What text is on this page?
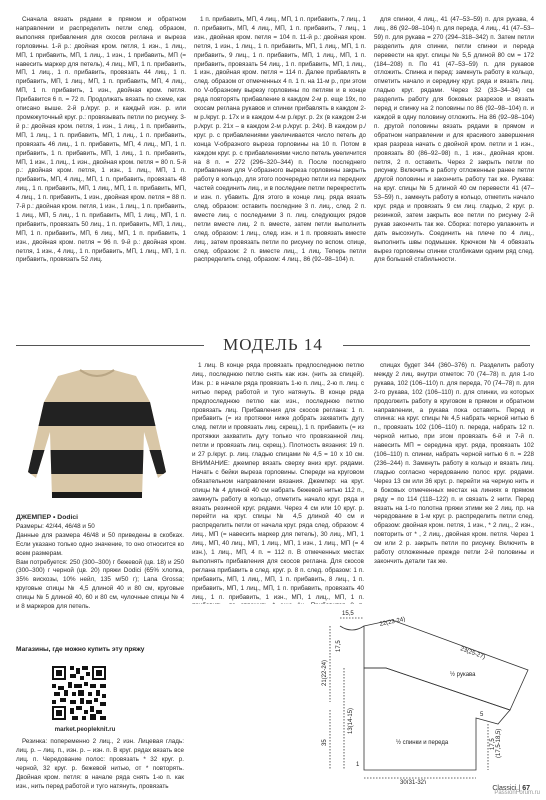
Сначала вязать рядами в прямом и обратном направлении и распределить петли след. образом, выполняя прибавления для скосов реглана и выреза горловины. 1-й р.: двойная кром. петля, 1 изн., 1 лиц., МП, 1 прибавить, МП, 1 лиц., 1 изн., 1 прибавить, МП (= навесить маркер для петель), 4 лиц., МП, 1 п. прибавить, МП, 1 лиц., 1 п. прибавить, провязать 44 лиц., 1 п. прибавить, МП, 1 лиц., МП, 1 п. прибавить, МП, 4 лиц., МП, 1 п. прибавить, 1 изн., двойная кром. петля. Прибавится 6 п. = 72 п. Продолжать вязать по схеме, как описано выше. 2-й р./круг. р. и каждый изн. р. или промежуточный круг. р.: провязывать петли по рисунку. 3-й р.: двойная кром. петля, 1 изн., 1 лиц., 1 п. прибавить, МП, 1 лиц., 1 п. прибавить, МП, 1 лиц., 1 п. прибавить, провязать 46 лиц., 1 п. прибавить, МП, 4 лиц., МП, 1 п. прибавить, 1 п. прибавить, МП, 1 лиц., 1 п. прибавить, МП, 1 изн., 1 лиц., 1 изн., двойная кром. петля = 80 п. 5-й р.: двойная кром. петля, 1 изн., 1 лиц., МП, 1 п. прибавить, МП, 4 лиц., МП, 1 п. прибавить, провязать 48 лиц., 1 п. прибавить, МП, 1 лиц., МП, 1 п. прибавить, МП, 4 лиц., 1 п. прибавить, 1 изн., двойная кром. петля = 88 п. 7-й р.: двойная кром. петля, 1 изн., 1 лиц., 1 п. прибавить, 1 лиц., МП, 5 лиц., 1 п. прибавить, МП, 1 лиц., МП, 1 п. прибавить, провязать 50 лиц., 1 п. прибавить, МП, 1 лиц., МП, 1 п. прибавить, МП, 6 лиц., МП, 1 п. прибавить, 1 изн., двойная кром. петля = 96 п. 9-й р.: двойная кром. петля, 1 изн., 4 лиц., 1 п. прибавить, МП, 1 лиц., МП, 1 п. прибавить, провязать 52 лиц.

1 п. прибавить, МП, 4 лиц., МП, 1 п. прибавить, 7 лиц., 1 п. прибавить, МП, 4 лиц., МП, 1 п. прибавить, 7 лиц., 1 изн., двойная кром. петля = 104 п. 11-й р.: двойная кром. петля, 1 изн., 1 лиц., 1 п. прибавить, МП, 1 лиц., МП, 1 п. прибавить, 9 лиц., 1 п. прибавить, МП, 1 лиц., МП, 1 п. прибавить, провязать 54 лиц., 1 п. прибавить, МП, 1 лиц., 1 изн., двойная кром. петля = 114 п. Далее прибавлять в след. образом от отмеченных 4 п. 1 п. на 11-м р., при этом по V-образному вырезу горловины по петлям и в конце ряда повторять прибавление в каждом 2-м р. еще 19х, по скосам реглана рукавов и спинки прибавлять в каждом 2-м р./круг. р. 17х и в каждом 4-м р./круг. р. 2х (в каждом 2-м р./круг. р. 21х – в каждом 2-м р./круг. р. 24х). В каждом р./круг. р. с прибавлениями увеличивается число петель до конца V-образного выреза горловины на 10 п. Потом в каждом круг. р. с прибавлениями число петель увеличится на 8 п. = 272 (296–320–344) п. После последнего прибавления для V-образного выреза горловины закрыть работу в кольцо, для этого поочередно петли из передних частей соединить лиц., и в последние петли перекрестить и изн. п. убавить. Для этого в конце лиц. ряда вязать след. образом: оставить последние 3 п. лиц., след. 2 п. вместе лиц. с последними 3 п. лиц. следующих рядов петли вместе лиц. 2 п. вместе, затем петли выполнить след. образом: 1 лиц., след. изн. и 1 п. провязать вместе лиц., затем провязать петли по рисунку по вспом. спице, след. образом: 2 п. вместе лиц., 1 лиц. Теперь петли распределить след. образом: 4 лиц., 86 (92–98–104) п.

для спинки, 4 лиц., 41 (47–53–59) п. для рукава, 4 лиц., 86 (92–98–104) п. для переда, 4 лиц., 41 (47–53–59) п. для рукава = 270 (294–318–342) п. Затем петли разделить для спинки, петли спинки и переда перевести на круг. спицы № 5,5 длиной 80 см = 172 (184–208) п. По 41 (47–53–59) п. для рукавов отложить. Спинка и перед: замкнуть работу в кольцо, отметить начало и середину круг. ряда и вязать лиц. гладью круг. рядами. Через 32 (33–34–34) см разделить работу для боковых разрезов и вязать перед и спинку на 2 половины по 86 (92–98–104) п. и каждой в одну половину отложить. На 86 (92–98–104) п. другой половины вязать рядами в прямом и обратном направлении и для красивого завершения края разреза начать с двойной кром. петли и 1 изн., провязать 80 (86–92–98) п., 1 изн., двойная кром. петля, 2 п. оставить. Через 2 закрыть петли по рисунку. Включить в работу отложенные ранее петли другой половины и закончить работу так же. Рукава: на круг. спицы № 5 длиной 40 см перевести 41 (47–53–59) п., замкнуть работу в кольцо, отметить начало круг. ряда и провязать 9 см лиц. гладью, 2 круг. р. резинкой, затем закрыть все петли по рисунку 2-й рукав закончить так же. Сборка: потерю увлажнить и дать высохнуть. Соединить на плече по 4 лиц., выполнить швы подмышек. Крючком № 4 обвязать вырез горловины спинки столбиками одним ряд след. для большей стабильности.

МОДЕЛЬ 14
ДЖЕМПЕР • Dodici
Размеры: 42/44, 46/48 и 50
Данные для размера 46/48 и 50 приведены в скобках. Если указано только одно значение, то оно относится ко всем размерам.
Вам потребуется: 250 (300–300) г бежевой (цв. 18) и 250 (300–300) г черной (цв. 20) пряжи Dodici (65% хлопка, 35% вискозы, 10% нейл, 135 м/50 г); Lana Grossa; круговые спицы № 4,5 длиной 40 и 80 см, круговые спицы № 5 длиной 40, 60 и 80 см, чулочные спицы № 4 и 8 маркеров для петель.
Магазины, где можно купить эту пряжу
market.peopleknit.ru

Резинка: попеременно 2 лиц., 2 изн. Лицевая гладь: лиц. р. – лиц. п., изн. р. – изн. п. В круг. рядах вязать все лиц. п. Чередование полос: провязать * 32 круг. р. черной, 32 круг. р. бежевой нитью, от * повторять. Двойная кром. петля: в начале ряда снять 1-ю п. как изн., нить перед работой и туго натянуть, провязать

1 лиц. В конце ряда провязать предпоследнюю петлю лиц., последнюю петлю снять как изн. (нить за спицей). Изн. р.: в начале ряда провязать 1-ю п. лиц., 2-ю п. лиц. с нитью перед работой и туго натянуть. В конце ряда предпоследнюю петлю как изн., последнюю петлю провязать лиц. Прибавления для скосов реглана: 1 п. прибавить (= из протяжки ниже добрать захватить дугу след. петли и провязать лиц. скрещ.), 1 п. прибавить (= из протяжки захватить дугу только что провязанной лиц. петли и провязать лиц. скрещ.). Плотность вязания: 19 п. и 27 р./круг. р. лиц. гладью спицами № 4,5 = 10 х 10 см. ВНИМАНИЕ: джемпер вязать сверху вниз круг. рядами. Начать с бейки выреза горловины. Спереди на круговом обязательном направлении вязания. Джемпер: на круг. спицы № 4 длиной 40 см набрать бежевой нитью 112 п., замкнуть работу в кольцо, отметить начало круг. ряда и вязать резинкой круг. рядами. Через 4 см или 10 круг. р. перейти на круг. спицы № 4,5 длиной 40 см и распределить петли от начала круг. ряда след. образом: 4 лиц., МП (= навесить маркер для петель), 30 лиц., МП, 1 лиц., МП, 40 лиц., МП, 1 лиц., МП, 1 изн., 1 лиц., МП (= 4 изн.), 1 лиц., МП, 4 п. = 112 п. В отмеченных местах выполнять прибавления для скосов реглана. Для скосов реглана прибавить в след. круг. р. 8 п. след. образом: 1 п. прибавить, МП, 1 лиц., МП, 1 п. прибавить, 8 лиц., 1 п. прибавить, МП, 1 лиц., МП, 1 п. прибавить, провязать 40 лиц., 1 п. прибавить, 1 изн., МП, 1 лиц., МП, 1 п.

спицах будет 344 (360–376) п. Разделить работу между 2 лиц. внутри отметок: 70 (74–78) п. для 1-го рукава, 102 (106–110) п. для переда, 70 (74–78) п. для 2-го рукава, 102 (106–110) п. для спинки, из которых продолжить работу в круговом в прямом и обратном направлении, а рукава пока оставить. Перед и спинка: на круг. спицы № 4,5 набрать черной нитью 6 п., провязать 102 (106–110) п. переда, набрать 12 п. черной нитью, при этом провязать 6-й и 7-й п. навесить МП = середина круг. ряда, провязать 102 (106–110) п. спинки, набрать черной нитью 6 п. = 228 (236–244) п. Замкнуть работу в кольцо и вязать лиц. гладью согласно чередованию полос круг. рядами. Через 13 см или 36 круг. р. перейти на черную нить и в боковых отмеченных местах на линиях в прямом ряду = по 114 (118–122) п. и связать 2 нити. Перед вязать на 1-го полотна пряжи этими же 2 лиц. пр. на чередование в 1-м круг. р. распределить петли след. образом: двойная кром. петля, 1 изн., * 2 лиц., 2 изн., повторить от * , 2 лиц., двойная кром. петля. Через 1 см или 2 р. закрыть петли по рисунку. Включить в работу отложенные прежде петли 2-й половины и закончить детали так же.

15,5
17,5
22(23-24)
23(25-27)
½ рукава
21(22-24)
½ спинки и переда
35
13(14-15)
1
5
30(31-32)
(17,5-18,5)
17,5
Classici | 67
PassionForum.ru
